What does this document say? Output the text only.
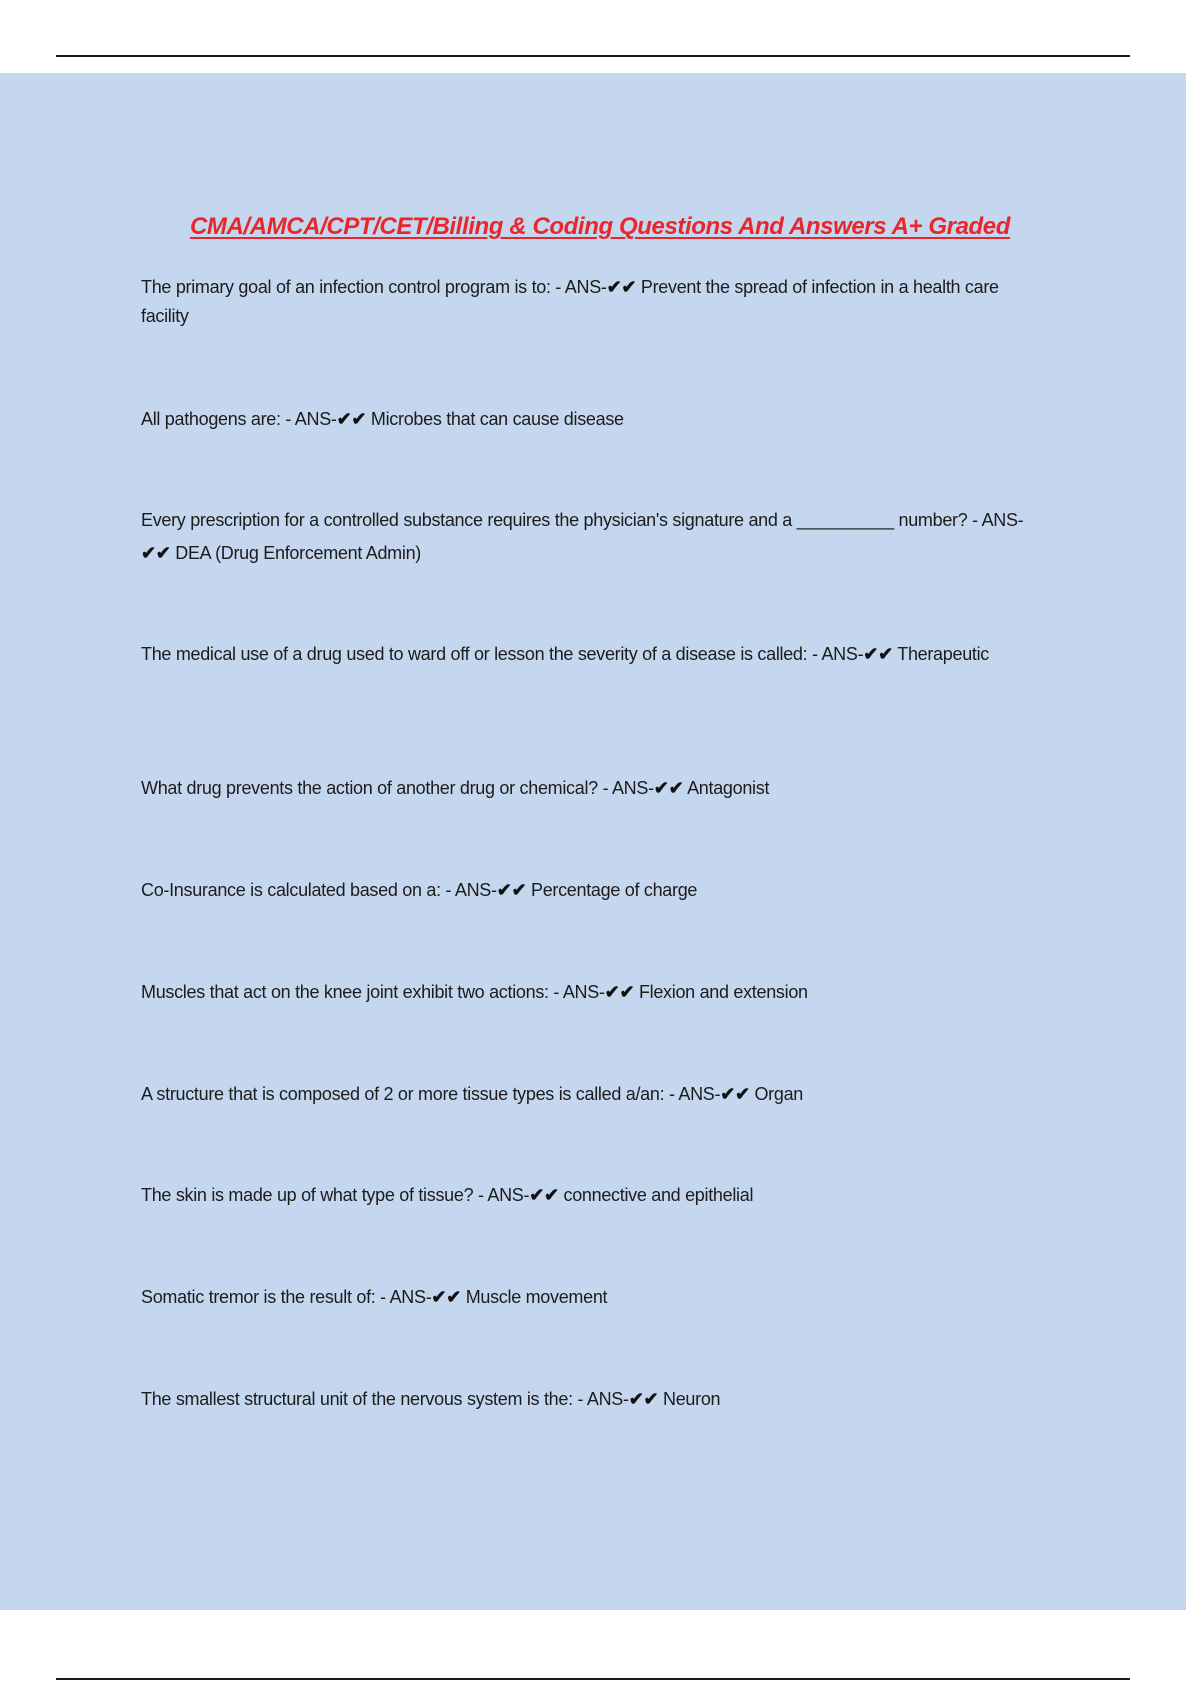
CMA/AMCA/CPT/CET/Billing & Coding Questions And Answers A+ Graded
The primary goal of an infection control program is to: - ANS-✔✔ Prevent the spread of infection in a health care facility
All pathogens are: - ANS-✔✔ Microbes that can cause disease
Every prescription for a controlled substance requires the physician's signature and a __________ number? - ANS-✔✔ DEA (Drug Enforcement Admin)
The medical use of a drug used to ward off or lesson the severity of a disease is called: - ANS-✔✔ Therapeutic
What drug prevents the action of another drug or chemical? - ANS-✔✔ Antagonist
Co-Insurance is calculated based on a: - ANS-✔✔ Percentage of charge
Muscles that act on the knee joint exhibit two actions: - ANS-✔✔ Flexion and extension
A structure that is composed of 2 or more tissue types is called a/an: - ANS-✔✔ Organ
The skin is made up of what type of tissue? - ANS-✔✔ connective and epithelial
Somatic tremor is the result of: - ANS-✔✔ Muscle movement
The smallest structural unit of the nervous system is the: - ANS-✔✔ Neuron
